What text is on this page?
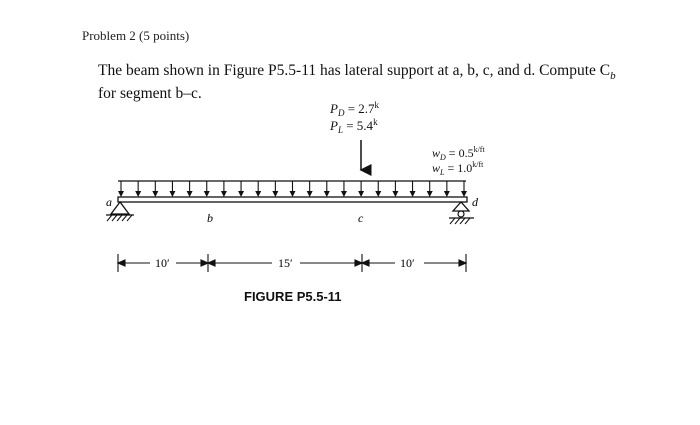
Problem 2 (5 points)
The beam shown in Figure P5.5-11 has lateral support at a, b, c, and d. Compute $C_b$
for segment b–c.
$P_D = 2.7^k$
$P_L = 5.4^k$
$w_D = 0.5^{k/ft}$
$w_L = 1.0^{k/ft}$
a
b	c
d
10′	15′	10′
FIGURE P5.5-11
